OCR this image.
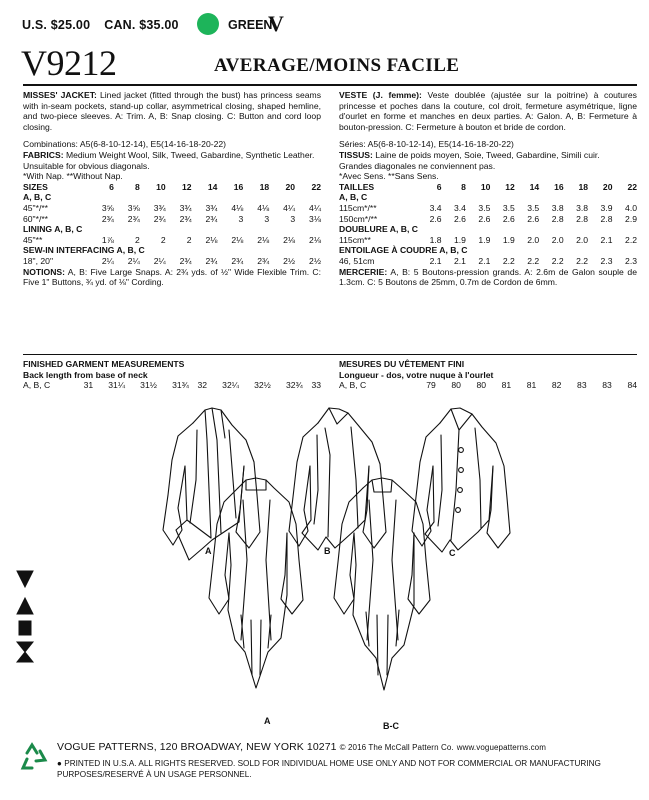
U.S. $25.00 CAN. $35.00	GREEN
V
V9212	AVERAGE/MOINS FACILE

MISSES' JACKET: Lined jacket (fitted through the bust) has princess seams with in-seam pockets, stand-up collar, asymmetrical closing, shaped hemline, and two-piece sleeves. A: Trim. A, B: Snap closing. C: Button and cord loop closing.

Combinations: A5(6-8-10-12-14), E5(14-16-18-20-22)

FABRICS: Medium Weight Wool, Silk, Tweed, Gabardine, Synthetic Leather.

Unsuitable for obvious diagonals.

*With Nap. **Without Nap.

SIZES	6	8	10	12	14	16	18	20	22
A, B, C									
45"*/**	3⅝	3⅝	3¾	3¾	3¾	4⅛	4⅛	4¼	4¼
60"*/**	2¾	2¾	2¾	2¾	2¾	3	3	3	3⅛
LINING A, B, C									
45"**	1⅞	2	2	2	2⅛	2⅛	2⅛	2⅛	2⅛
SEW-IN INTERFACING A, B, C									
18", 20"	2¼	2¼	2¼	2¾	2¾	2¾	2¾	2½	2½

NOTIONS: A, B: Five Large Snaps. A: 2¾ yds. of ½" Wide Flexible Trim. C: Five 1" Buttons, ¾ yd. of ⅛" Cording.

VESTE (J. femme): Veste doublée (ajustée sur la poitrine) à coutures princesse et poches dans la couture, col droit, fermeture asymétrique, ligne d'ourlet en forme et manches en deux parties. A: Galon. A, B: Fermeture à bouton-pression. C: Fermeture à bouton et bride de cordon.

Séries: A5(6-8-10-12-14), E5(14-16-18-20-22)

TISSUS: Laine de poids moyen, Soie, Tweed, Gabardine, Simili cuir.

Grandes diagonales ne conviennent pas.

*Avec Sens. **Sans Sens.

TAILLES	6	8	10	12	14	16	18	20	22
A, B, C									
115cm*/**	3.4	3.4	3.5	3.5	3.5	3.8	3.8	3.9	4.0
150cm*/**	2.6	2.6	2.6	2.6	2.6	2.8	2.8	2.8	2.9
DOUBLURE A, B, C									
115cm**	1.8	1.9	1.9	1.9	2.0	2.0	2.0	2.1	2.2
ENTOILAGE À COUDRE A, B, C									
46, 51cm	2.1	2.1	2.1	2.2	2.2	2.2	2.2	2.3	2.3

MERCERIE: A, B: 5 Boutons-pression grands. A: 2.6m de Galon souple de 1.3cm. C: 5 Boutons de 25mm, 0.7m de Cordon de 6mm.

FINISHED GARMENT MEASUREMENTS
Back length from base of neck
A, B, C	31	31¼	31½	31¾	32	32¼	32½	32¾	33
MESURES DU VÊTEMENT FINI
Longueur - dos, votre nuque à l'ourlet
A, B, C	79	80	80	81	81	82	83	83	84
A	B	C
A	B-C
VOGUE PATTERNS, 120 BROADWAY, NEW YORK 10271 © 2016 The McCall Pattern Co. www.voguepatterns.com
● PRINTED IN U.S.A. ALL RIGHTS RESERVED. SOLD FOR INDIVIDUAL HOME USE ONLY AND NOT FOR COMMERCIAL OR MANUFACTURING PURPOSES/RESERVÉ À UN USAGE PERSONNEL.
